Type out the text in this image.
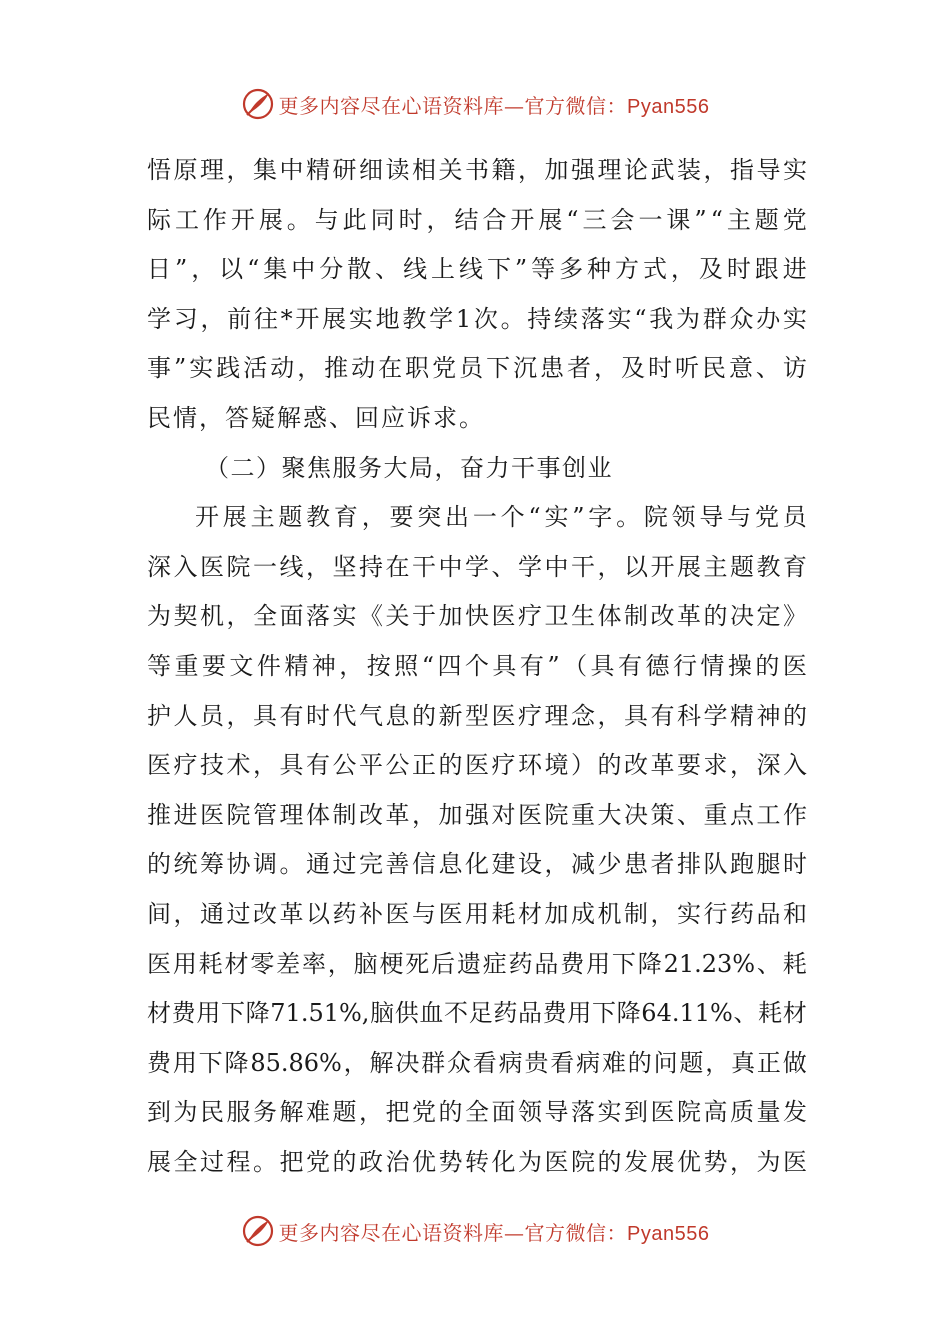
更多内容尽在心语资料库—官方微信：Pyan556
悟 原 理 ， 集 中 精 研 细 读 相 关 书 籍 ， 加 强 理 论 武 装 ， 指 导 实
际 工 作 开 展 。 与 此 同 时 ， 结 合 开 展 “ 三 会 一 课 ” “ 主 题 党
日 ” ， 以 “ 集 中 分 散 、 线 上 线 下 ” 等 多 种 方 式 ， 及 时 跟 进
学 习 ， 前 往 * 开 展 实 地 教 学 1 次 。 持 续 落 实 “ 我 为 群 众 办 实
事 ” 实 践 活 动 ， 推 动 在 职 党 员 下 沉 患 者 ， 及 时 听 民 意 、 访
民情，答疑解惑、回应诉求。
（二）聚焦服务大局，奋力干事创业
开 展 主 题 教 育 ， 要 突 出 一 个 “ 实 ” 字 。 院 领 导 与 党 员
深 入 医 院 一 线 ， 坚 持 在 干 中 学 、 学 中 干 ， 以 开 展 主 题 教 育
为 契 机 ， 全 面 落 实 《 关 于 加 快 医 疗 卫 生 体 制 改 革 的 决 定 》
等 重 要 文 件 精 神 ， 按 照 “ 四 个 具 有 ” （ 具 有 德 行 情 操 的 医
护 人 员 ， 具 有 时 代 气 息 的 新 型 医 疗 理 念 ， 具 有 科 学 精 神 的
医 疗 技 术 ， 具 有 公 平 公 正 的 医 疗 环 境 ） 的 改 革 要 求 ， 深 入
推 进 医 院 管 理 体 制 改 革 ， 加 强 对 医 院 重 大 决 策 、 重 点 工 作
的 统 筹 协 调 。 通 过 完 善 信 息 化 建 设 ， 减 少 患 者 排 队 跑 腿 时
间 ， 通 过 改 革 以 药 补 医 与 医 用 耗 材 加 成 机 制 ， 实 行 药 品 和
医 用 耗 材 零 差 率 ， 脑 梗 死 后 遗 症 药 品 费 用 下 降 21.23% 、 耗
材 费 用 下 降 71.51%, 脑 供 血 不 足 药 品 费 用 下 降 64.11% 、 耗 材
费 用 下 降 85.86% ， 解 决 群 众 看 病 贵 看 病 难 的 问 题 ， 真 正 做
到 为 民 服 务 解 难 题 ， 把 党 的 全 面 领 导 落 实 到 医 院 高 质 量 发
展 全 过 程 。 把 党 的 政 治 优 势 转 化 为 医 院 的 发 展 优 势 ， 为 医
更多内容尽在心语资料库—官方微信：Pyan556
